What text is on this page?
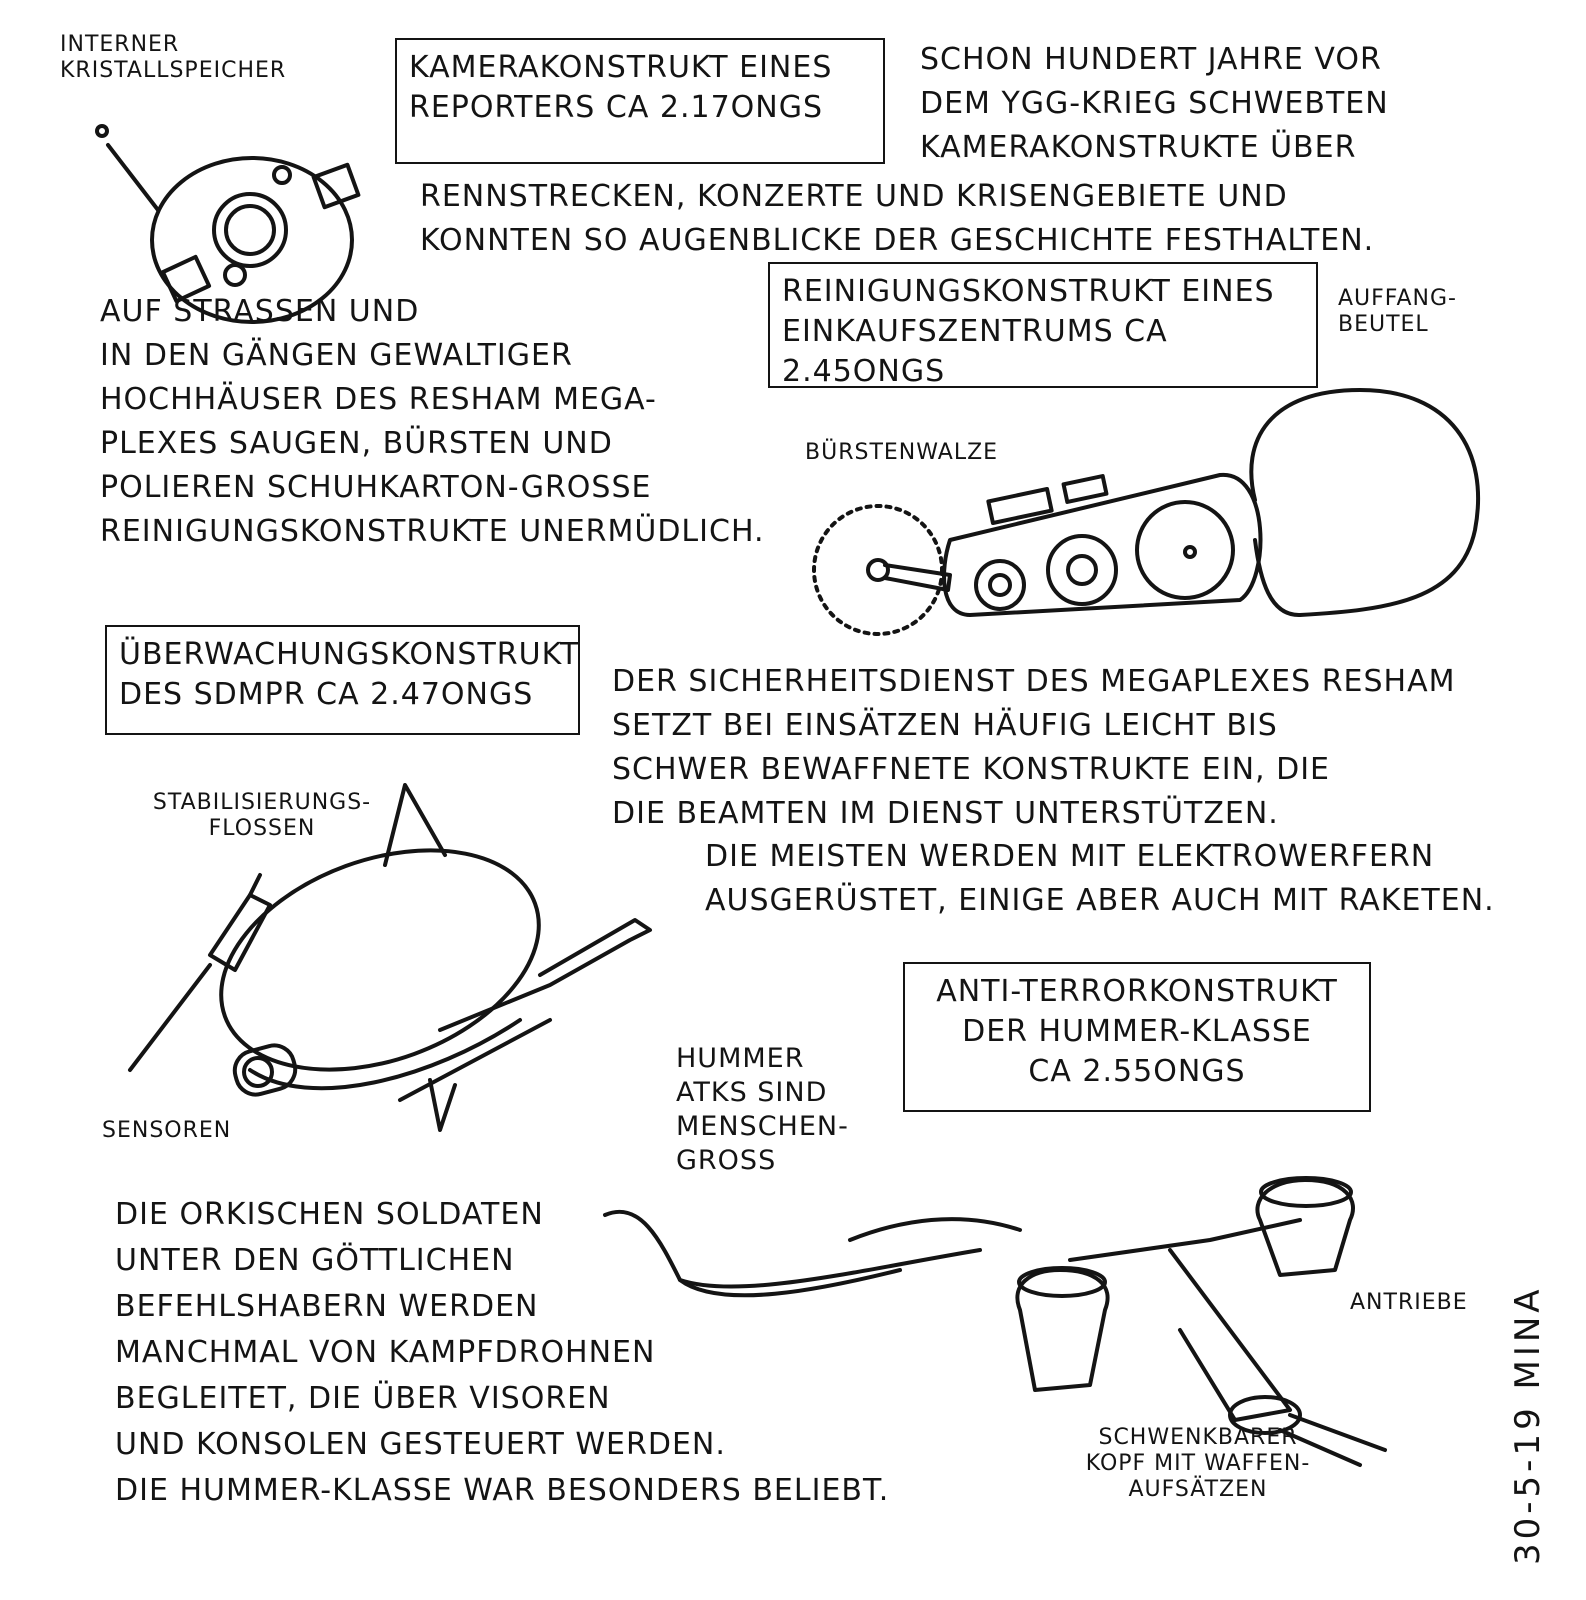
INTERNER
KRISTALLSPEICHER	KAMERAKONSTRUKT EINES
REPORTERS CA 2.17ONGS
SCHON HUNDERT JAHRE VOR
DEM YGG-KRIEG SCHWEBTEN
KAMERAKONSTRUKTE ÜBER
RENNSTRECKEN, KONZERTE UND KRISENGEBIETE UND
KONNTEN SO AUGENBLICKE DER GESCHICHTE FESTHALTEN.
AUF STRASSEN UND
IN DEN GÄNGEN GEWALTIGER
HOCHHÄUSER DES RESHAM MEGA-
PLEXES SAUGEN, BÜRSTEN UND
POLIEREN SCHUHKARTON-GROSSE
REINIGUNGSKONSTRUKTE UNERMÜDLICH.
REINIGUNGSKONSTRUKT EINES
EINKAUFSZENTRUMS CA 2.45ONGS
AUFFANG-
BEUTEL
BÜRSTENWALZE
ÜBERWACHUNGSKONSTRUKT
DES SDMPR CA 2.47ONGS	DER SICHERHEITSDIENST DES MEGAPLEXES RESHAM
SETZT BEI EINSÄTZEN HÄUFIG LEICHT BIS
SCHWER BEWAFFNETE KONSTRUKTE EIN, DIE
DIE BEAMTEN IM DIENST UNTERSTÜTZEN.
DIE MEISTEN WERDEN MIT ELEKTROWERFERN
AUSGERÜSTET, EINIGE ABER AUCH MIT RAKETEN.
STABILISIERUNGS-
FLOSSEN
SENSOREN
HUMMER
ATKS SIND
MENSCHEN-
GROSS
ANTI-TERRORKONSTRUKT
DER HUMMER-KLASSE
CA 2.55ONGS
DIE ORKISCHEN SOLDATEN
UNTER DEN GÖTTLICHEN
BEFEHLSHABERN WERDEN
MANCHMAL VON KAMPFDROHNEN
BEGLEITET, DIE ÜBER VISOREN
UND KONSOLEN GESTEUERT WERDEN.
DIE HUMMER-KLASSE WAR BESONDERS BELIEBT.
ANTRIEBE
SCHWENKBARER
KOPF MIT WAFFEN-
AUFSÄTZEN	30-5-19 MINA
